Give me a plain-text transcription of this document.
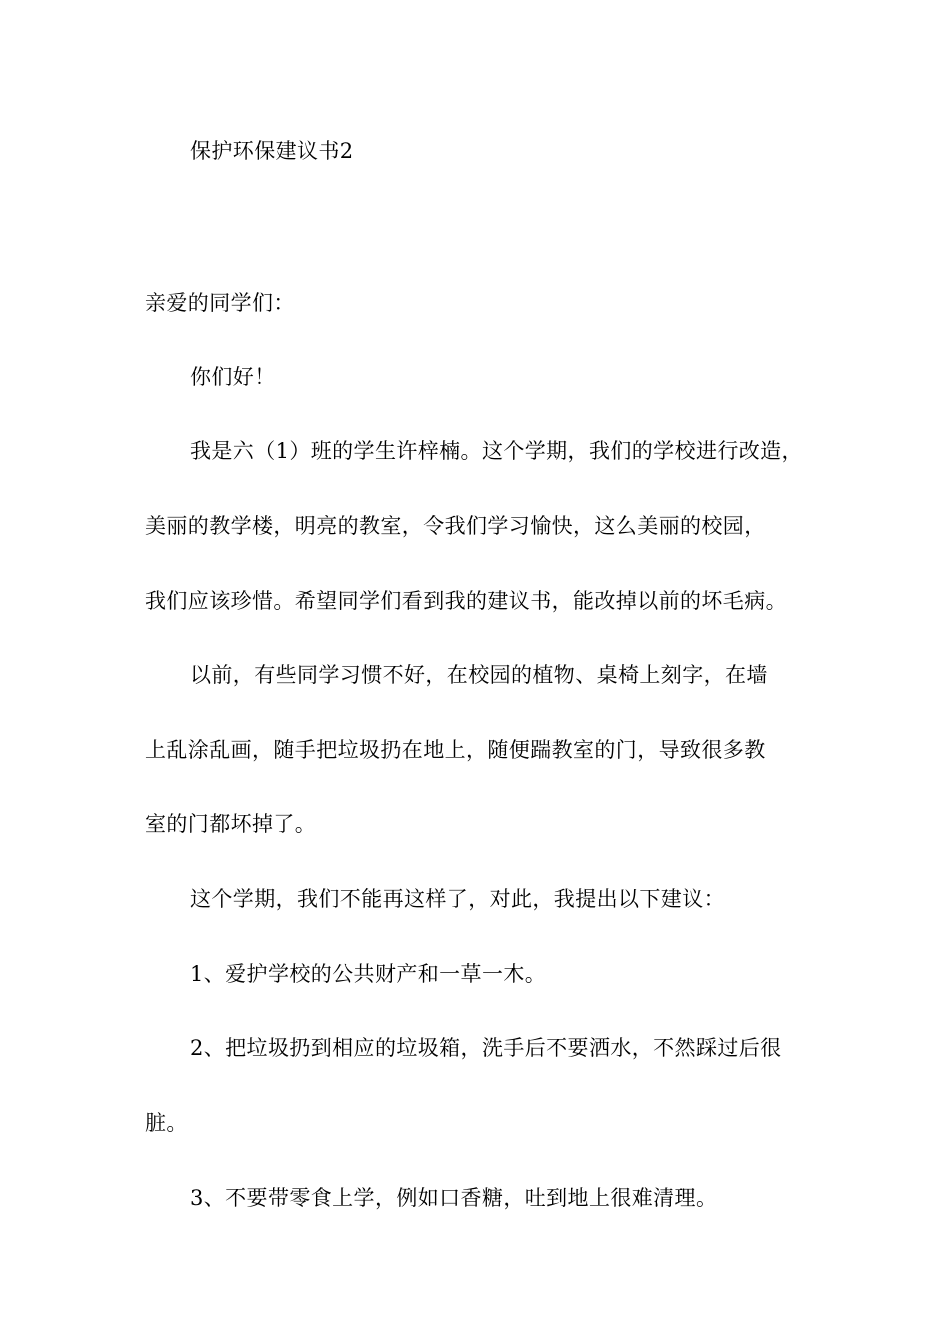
保护环保建议书2
亲爱的同学们：
你们好！
我是六（1）班的学生许梓楠。这个学期，我们的学校进行改造，
美丽的教学楼，明亮的教室，令我们学习愉快，这么美丽的校园，
我们应该珍惜。希望同学们看到我的建议书，能改掉以前的坏毛病。
以前，有些同学习惯不好，在校园的植物、桌椅上刻字，在墙
上乱涂乱画，随手把垃圾扔在地上，随便踹教室的门，导致很多教
室的门都坏掉了。
这个学期，我们不能再这样了，对此，我提出以下建议：
1、爱护学校的公共财产和一草一木。
2、把垃圾扔到相应的垃圾箱，洗手后不要洒水，不然踩过后很
脏。
3、不要带零食上学，例如口香糖，吐到地上很难清理。
